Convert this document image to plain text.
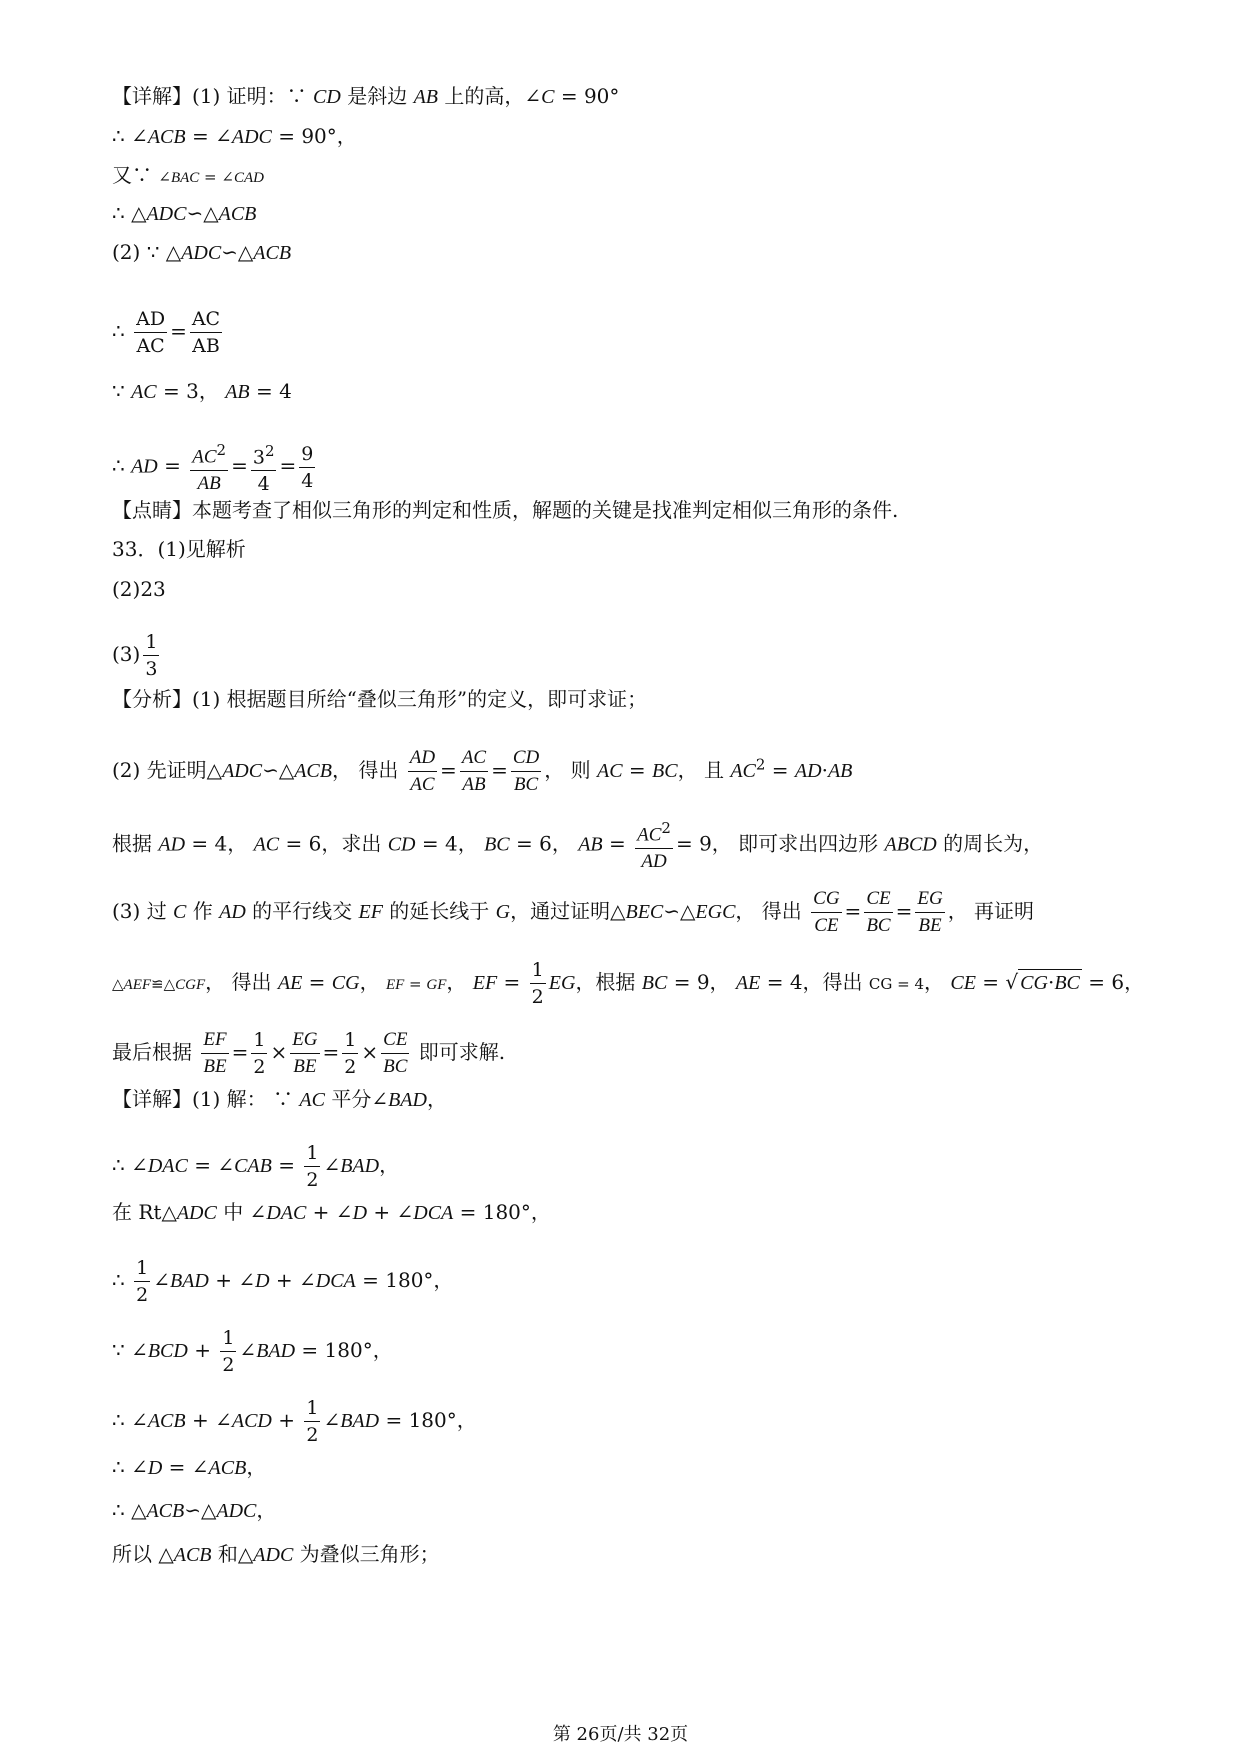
【详解】(1) 证明：∵ CD 是斜边 AB 上的高，∠C = 90°
∴ ∠ACB = ∠ADC = 90°，
又∵ ∠BAC = ∠CAD
∴ △ADC∽△ACB
(2) ∵ △ADC∽△ACB
∴ $\frac{AD}{AC} = \frac{AC}{AB}$
∵ AC = 3， AB = 4
∴ AD = $\frac{AC^2}{AB} = \frac{3^2}{4} = \frac{9}{4}$
【点睛】本题考查了相似三角形的判定和性质，解题的关键是找准判定相似三角形的条件.
33．(1)见解析
(2)23
$(3) \frac{1}{3}$
【分析】(1) 根据题目所给“叠似三角形”的定义，即可求证；
(2) 先证明△ADC∽△ACB， 得出 $\frac{AD}{AC} = \frac{AC}{AB} = \frac{CD}{BC}$ ， 则 AC = BC， 且 $AC^2 = AD\cdot AB$
根据 AD = 4， AC = 6，求出 CD = 4， BC = 6， AB = $\frac{AC^2}{AD} = 9$， 即可求出四边形 ABCD 的周长为，
(3) 过 C 作 AD 的平行线交 EF 的延长线于 G，通过证明△BEC∽△EGC， 得出 $\frac{CG}{CE} = \frac{CE}{BC} = \frac{EG}{BE}$ ， 再证明
△AEF≌△CGF， 得出 AE = CG， EF = GF， EF = $\frac{1}{2}$ EG，根据 BC = 9， AE = 4，得出 CG = 4， CE = √ CG·BC = 6，
最后根据 $\frac{EF}{BE} = \frac{1}{2} \times \frac{EG}{BE} = \frac{1}{2} \times \frac{CE}{BC}$ 即可求解.
【详解】(1) 解： ∵ AC 平分∠BAD，
∴ ∠DAC = ∠CAB = $\frac{1}{2}$ ∠BAD，
在 Rt△ADC 中 ∠DAC + ∠D + ∠DCA = 180°，
∴ $\frac{1}{2}$ ∠BAD + ∠D + ∠DCA = 180°，
∵ ∠BCD + $\frac{1}{2}$ ∠BAD = 180°，
∴ ∠ACB + ∠ACD + $\frac{1}{2}$ ∠BAD = 180°，
∴ ∠D = ∠ACB，
∴ △ACB∽△ADC，
所以 △ACB 和△ADC 为叠似三角形；
第 26页/共 32页
